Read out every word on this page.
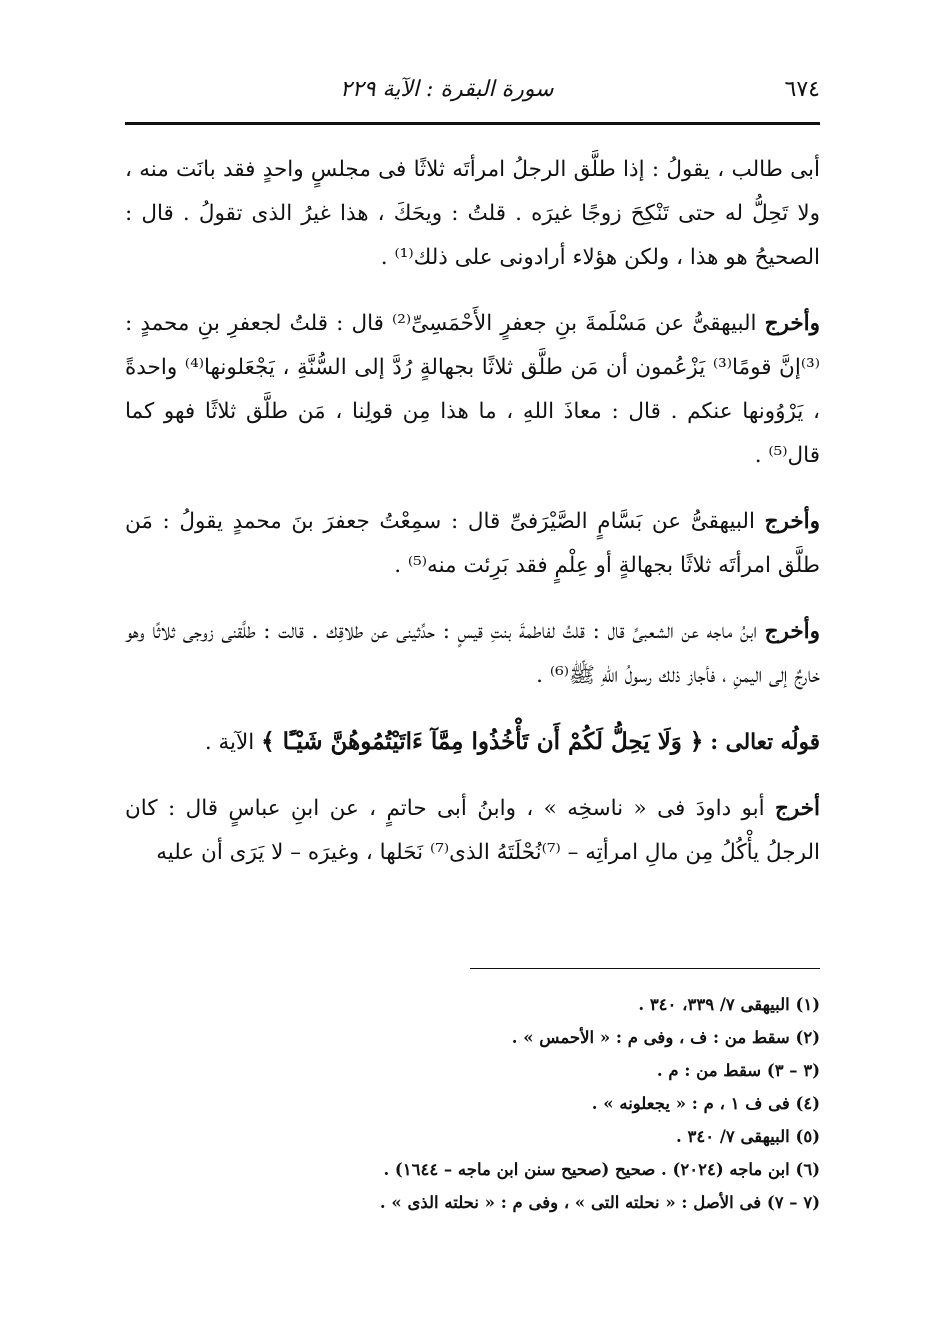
٦٧٤
سورة البقرة : الآية ٢٢٩

أبى طالب ، يقولُ : إذا طلَّق الرجلُ امرأتَه ثلاثًا فى مجلسٍ واحدٍ فقد بانَت منه ، ولا تَحِلُّ له حتى تَنْكِحَ زوجًا غيرَه . قلتُ : ويحَكَ ، هذا غيرُ الذى تقولُ . قال : الصحيحُ هو هذا ، ولكن هؤلاء أرادونى على ذلك⁽¹⁾ .

وأخرج البيهقىُّ عن مَسْلَمةَ بنِ جعفرٍ الأَحْمَسِىِّ⁽²⁾ قال : قلتُ لجعفرِ بنِ محمدٍ : ⁽³⁾إنَّ قومًا⁽³⁾ يَزْعُمون أن مَن طلَّق ثلاثًا بجهالةٍ رُدَّ إلى السُّنَّةِ ، يَجْعَلونها⁽⁴⁾ واحدةً ، يَرْوُونها عنكم . قال : معاذَ اللهِ ، ما هذا مِن قولِنا ، مَن طلَّق ثلاثًا فهو كما قال⁽⁵⁾ .

وأخرج البيهقىُّ عن بَسَّامٍ الصَّيْرَفىِّ قال : سمِعْتُ جعفرَ بنَ محمدٍ يقولُ : مَن طلَّق امرأتَه ثلاثًا بجهالةٍ أو عِلْمٍ فقد بَرِئت منه⁽⁵⁾ .

وأخرج ابنُ ماجه عن الشعبىِّ قال : قلتُ لفاطمةَ بنتِ قيسٍ : حدِّثينى عن طلاقِك . قالت : طلَّقنى زوجى ثلاثًا وهو خارجٌ إلى اليمنِ ، فأجاز ذلك رسولُ اللهِ ﷺ⁽⁶⁾ .

قولُه تعالى : ﴿ وَلَا يَحِلُّ لَكُمْ أَن تَأْخُذُوا مِمَّآ ءَاتَيْتُمُوهُنَّ شَيْـًٔا ﴾ الآية .

أخرج أبو داودَ فى « ناسخِه » ، وابنُ أبى حاتمٍ ، عن ابنِ عباسٍ قال : كان الرجلُ يأْكُلُ مِن مالِ امرأتِه – ⁽⁷⁾نُحْلَتَهُ الذى⁽⁷⁾ نَحَلها ، وغيرَه – لا يَرَى أن عليه

(١) البيهقى ٧/ ٣٣٩، ٣٤٠ .

(٢) سقط من : ف ، وفى م : « الأحمس » .

(٣ – ٣) سقط من : م .

(٤) فى ف ١ ، م : « يجعلونه » .

(٥) البيهقى ٧/ ٣٤٠ .

(٦) ابن ماجه (٢٠٢٤) . صحيح (صحيح سنن ابن ماجه – ١٦٤٤) .

(٧ – ٧) فى الأصل : « نحلته التى » ، وفى م : « نحلته الذى » .
